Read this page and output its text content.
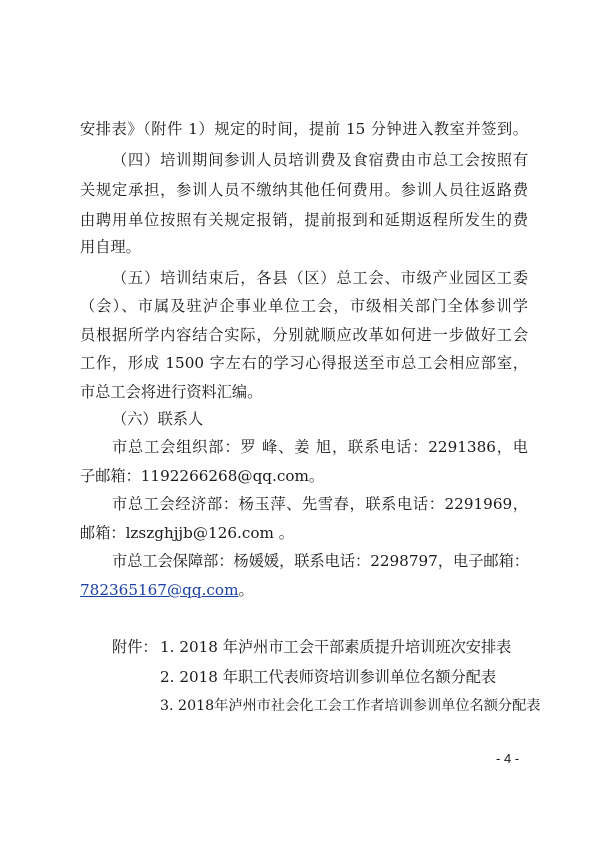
安排表》（附件 1）规定的时间，提前 15 分钟进入教室并签到。
（四）培训期间参训人员培训费及食宿费由市总工会按照有
关规定承担，参训人员不缴纳其他任何费用。参训人员往返路费
由聘用单位按照有关规定报销，提前报到和延期返程所发生的费
用自理。
（五）培训结束后，各县（区）总工会、市级产业园区工委
（会）、市属及驻泸企事业单位工会，市级相关部门全体参训学
员根据所学内容结合实际，分别就顺应改革如何进一步做好工会
工作，形成 1500 字左右的学习心得报送至市总工会相应部室，
市总工会将进行资料汇编。
（六）联系人
市总工会组织部：罗 峰、姜 旭，联系电话：2291386，电
子邮箱：1192266268@qq.com。
市总工会经济部：杨玉萍、先雪春，联系电话：2291969，
邮箱：lzszghjjb@126.com 。
市总工会保障部：杨媛媛，联系电话：2298797，电子邮箱：
782365167@qq.com。
附件： 1. 2018 年泸州市工会干部素质提升培训班次安排表
2. 2018 年职工代表师资培训参训单位名额分配表
3. 2018年泸州市社会化工会工作者培训参训单位名额分配表
- 4 -
